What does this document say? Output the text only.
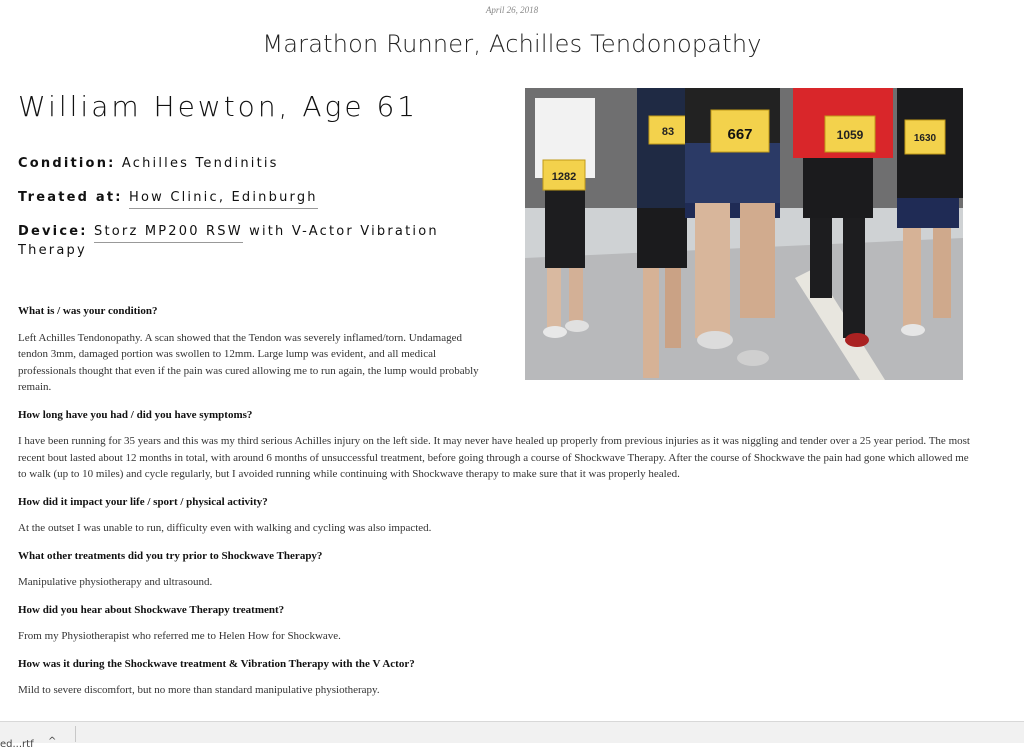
April 26, 2018
Marathon Runner, Achilles Tendonopathy
William Hewton, Age 61
Condition: Achilles Tendinitis
Treated at: How Clinic, Edinburgh
Device: Storz MP200 RSW with V-Actor Vibration Therapy
1282
83	667	1059	1630
What is / was your condition?
Left Achilles Tendonopathy. A scan showed that the Tendon was severely inflamed/torn. Undamaged tendon 3mm, damaged portion was swollen to 12mm. Large lump was evident, and all medical professionals thought that even if the pain was cured allowing me to run again, the lump would probably remain.
How long have you had / did you have symptoms?
I have been running for 35 years and this was my third serious Achilles injury on the left side. It may never have healed up properly from previous injuries as it was niggling and tender over a 25 year period. The most recent bout lasted about 12 months in total, with around 6 months of unsuccessful treatment, before going through a course of Shockwave Therapy. After the course of Shockwave the pain had gone which allowed me to walk (up to 10 miles) and cycle regularly, but I avoided running while continuing with Shockwave therapy to make sure that it was properly healed.
How did it impact your life / sport / physical activity?
At the outset I was unable to run, difficulty even with walking and cycling was also impacted.
What other treatments did you try prior to Shockwave Therapy?
Manipulative physiotherapy and ultrasound.
How did you hear about Shockwave Therapy treatment?
From my Physiotherapist who referred me to Helen How for Shockwave.
How was it during the Shockwave treatment & Vibration Therapy with the V Actor?
Mild to severe discomfort, but no more than standard manipulative physiotherapy.
ed...rtf ^
